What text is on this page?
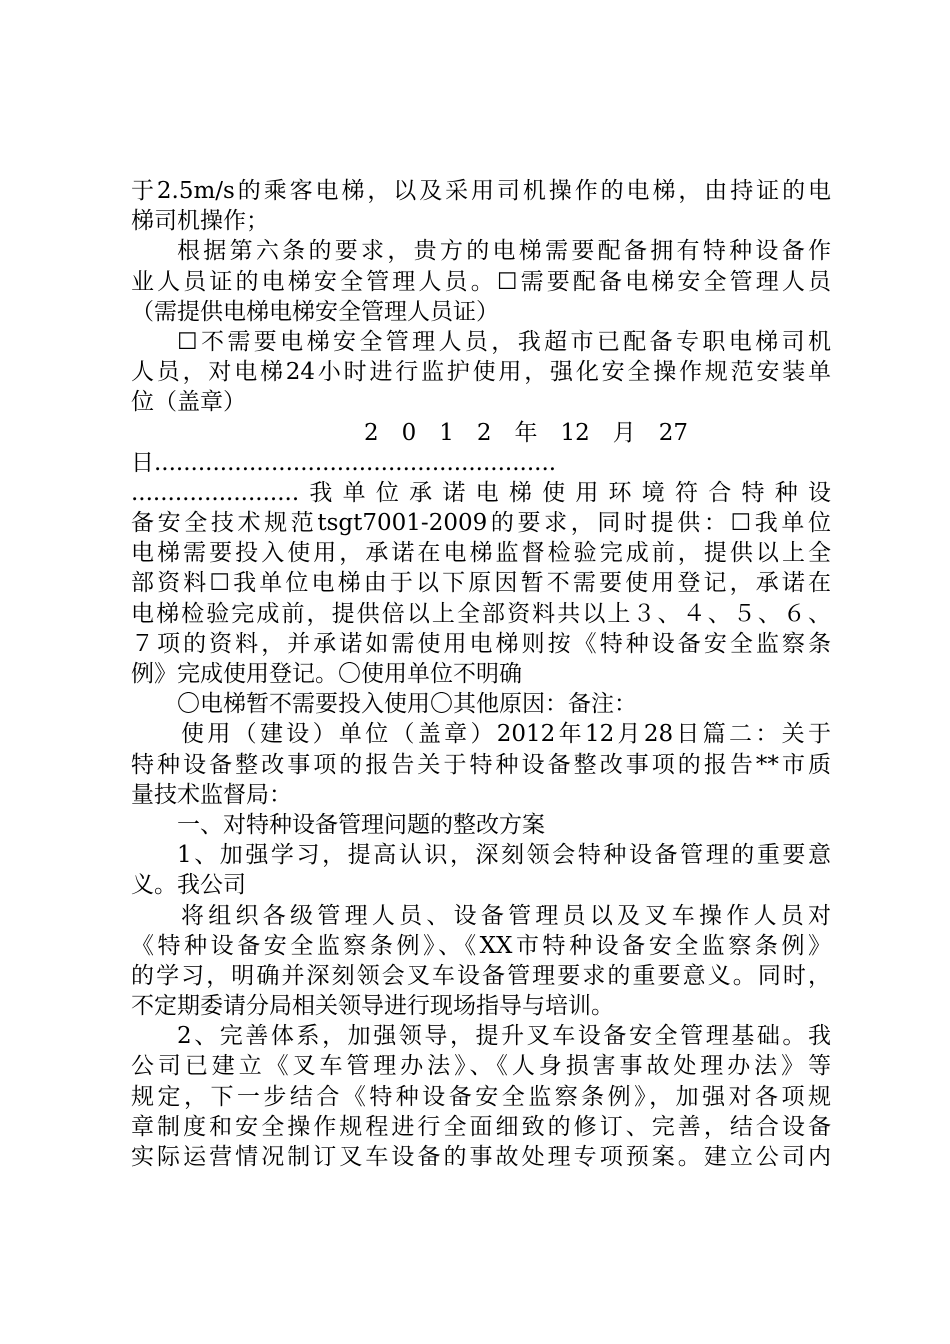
于2.5m/s的乘客电梯，以及采用司机操作的电梯，由持证的电
梯司机操作；
根据第六条的要求，贵方的电梯需要配备拥有特种设备作
业人员证的电梯安全管理人员。☐需要配备电梯安全管理人员
（需提供电梯电梯安全管理人员证）
☐不需要电梯安全管理人员，我超市已配备专职电梯司机
人员，对电梯24小时进行监护使用，强化安全操作规范安装单
位（盖章）
2　0　1　2　年　12　月　27
日.......................................................
.......................我单位承诺电梯使用环境符合特种设
备安全技术规范tsgt7001-2009的要求，同时提供：☐我单位
电梯需要投入使用，承诺在电梯监督检验完成前，提供以上全
部资料☐我单位电梯由于以下原因暂不需要使用登记，承诺在
电梯检验完成前，提供倍以上全部资料共以上３、４、５、６、
７项的资料，并承诺如需使用电梯则按《特种设备安全监察条
例》完成使用登记。〇使用单位不明确
〇电梯暂不需要投入使用〇其他原因：备注：
使用（建设）单位（盖章）2012年12月28日篇二：关于
特种设备整改事项的报告关于特种设备整改事项的报告**市质
量技术监督局：
一、对特种设备管理问题的整改方案
1、加强学习，提高认识，深刻领会特种设备管理的重要意
义。我公司
将组织各级管理人员、设备管理员以及叉车操作人员对
《特种设备安全监察条例》、《XX市特种设备安全监察条例》
的学习，明确并深刻领会叉车设备管理要求的重要意义。同时，
不定期委请分局相关领导进行现场指导与培训。
2、完善体系，加强领导，提升叉车设备安全管理基础。我
公司已建立《叉车管理办法》、《人身损害事故处理办法》等
规定，下一步结合《特种设备安全监察条例》，加强对各项规
章制度和安全操作规程进行全面细致的修订、完善，结合设备
实际运营情况制订叉车设备的事故处理专项预案。建立公司内
